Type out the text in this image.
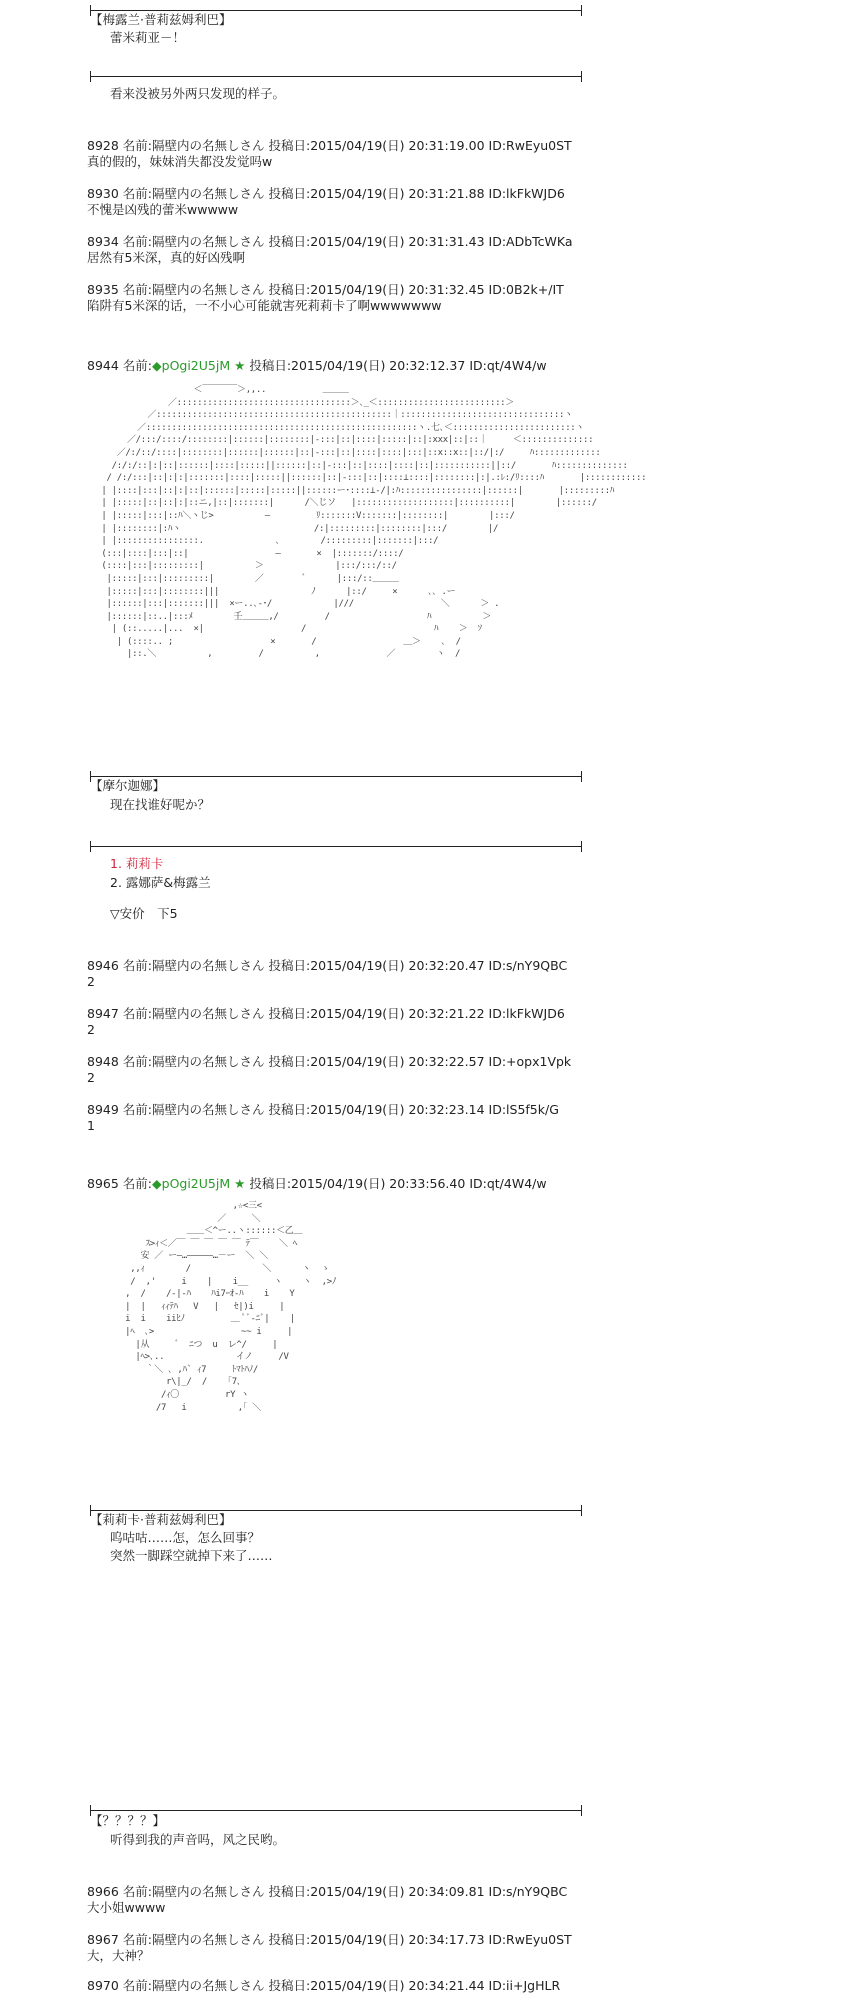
【梅露兰·普莉兹姆利巴】
蕾米莉亚－！
看来没被另外两只发现的样子。
8928 名前:隔壁内の名無しさん 投稿日:2015/04/19(日) 20:31:19.00 ID:RwEyu0ST
真的假的，妹妹消失都没发觉吗w
8930 名前:隔壁内の名無しさん 投稿日:2015/04/19(日) 20:31:21.88 ID:lkFkWJD6
不愧是凶残的蕾米wwwww
8934 名前:隔壁内の名無しさん 投稿日:2015/04/19(日) 20:31:31.43 ID:ADbTcWKa
居然有5米深，真的好凶残啊
8935 名前:隔壁内の名無しさん 投稿日:2015/04/19(日) 20:31:32.45 ID:0B2k+/IT
陷阱有5米深的话，一不小心可能就害死莉莉卡了啊wwwwwww
8944 名前:◆pOgi2U5jM ★ 投稿日:2015/04/19(日) 20:32:12.37 ID:qt/4W4/w
＜￣￣￣￣＞,,..           ＿＿＿
／::::::::::::::::::::::::::::::::::＞､_＜:::::::::::::::::::::::::＞
／::::::::::::::::::::::::::::::::::::::::::::::｜::::::::::::::::::::::::::::::::ヽ
／:::::::::::::::::::::::::::::::::::::::::::::::::::::ヽ.七､＜::::::::::::::::::::::::ヽ
／/:::/::::/::::::::|::::::|::::::::|-:::|::|::::|:::::|::|:xxx|::|::｜     ＜::::::::::::::
／/:/::/::::|::::::::|::::::|::::::|::|-:::|::|::::|::::|:::|::x::x::|::/|:/     ﾊ:::::::::::::
/:/:/::|:|::|::::::|::::|:::::||::::::|::|-:::|::|::::|::::|::|:::::::::::||::/       ﾊ::::::::::::::
/ /:/:::|::|:|:|:::::::|::::|:::::||::::::|::|-:::|::|::::⊥::::|::::::::|:|.:ﾚ:/ﾘ::::ﾊ       |::::::::::::
| |::::|:::|::|:|::|::::::|:::::|:::::||::::::ー･::::⊥-/|:ﾊ::::::::::::::::|::::::|       |:::::::::ﾊ
| |:::::|::|::|:|::ニ,|::|:::::::|      /＼じソ   |:::::::::::::::::::|::::::::::|        |::::::/
| |:::::|:::|::ﾊ＼ヽじ>          ―         ﾘ:::::::V:::::::|::::::::|        |:::/
| |::::::::|:ﾊヽ                          /:|:::::::::|::::::::|:::/        |/
| |::::::::::::::::.              ､        /:::::::::|:::::::|:::/
(:::|::::|:::|::|                 ―       ×  |:::::::/::::/
(::::|:::|:::::::::|          ＞              |:::/:::/::/
|:::::|:::|:::::::::|        ／        ﾞ      |:::/::＿＿＿
|:::::|:::|::::::::|||                  ﾉ      |::/     ×      ､､ .ー
|::::::|:::|:::::::|||  ×ー..､-･/            |///                 ＼      ＞ .
|::::::|::..|:::ﾒ        壬＿＿＿,/         /                   ﾊ          ＞
| (::.....|...  ×|                   /                         ﾊ    ＞  ｿ
| (::::.. ;                   ×       /                 ＿＞    ､  /
|::.＼          ,         /          ,             ／        ヽ  /
【摩尔迦娜】
现在找谁好呢か？
1. 莉莉卡
2. 露娜萨&梅露兰
▽安价　下5
8946 名前:隔壁内の名無しさん 投稿日:2015/04/19(日) 20:32:20.47 ID:s/nY9QBC
2
8947 名前:隔壁内の名無しさん 投稿日:2015/04/19(日) 20:32:21.22 ID:lkFkWJD6
2
8948 名前:隔壁内の名無しさん 投稿日:2015/04/19(日) 20:32:22.57 ID:+opx1Vpk
2
8949 名前:隔壁内の名無しさん 投稿日:2015/04/19(日) 20:32:23.14 ID:lS5f5k/G
1
8965 名前:◆pOgi2U5jM ★ 投稿日:2015/04/19(日) 20:33:56.40 ID:qt/4W4/w
,☆<三<
／     ＼
＿＿＜^ー..ヽ::::::＜乙＿
ｽ>ｨ＜／￣ ￣ ￣ ￣ ￣ ﾃ￣    ＼ ﾍ
安 ／ ー―…―――――…－ー  ＼ ＼
,,ｨ        /              ＼      ヽ  ゝ
/  ,'     i    |    i__     ヽ    ヽ  ,>ﾉ
,  /    /-|-ﾊ    ﾊi7ｰｵ-ﾊ    i    Y
|  |   ｨｨﾃﾊ   V   |   ｾ|)i     |
i  i    iiﾋﾉ         ＿ ﾟﾞ-ﾆﾞ|    |
|ﾍ  ､>                 ~~ i     |
|从     ﾞ  ﾆつ  u  レ^/     |
|ﾍ>､..              イノ     /V
｀＼ ､ ,ﾊ` ｨ7     ﾄﾏﾄﾊﾉ/
r\|_/  /    ｢7､
/ｨ〇         rY ヽ
/7   i          ,｢ ＼
【莉莉卡·普莉兹姆利巴】
呜咕咕……怎，怎么回事？
突然一脚踩空就掉下来了……
【？？？？】
听得到我的声音吗，风之民哟。
8966 名前:隔壁内の名無しさん 投稿日:2015/04/19(日) 20:34:09.81 ID:s/nY9QBC
大小姐wwww
8967 名前:隔壁内の名無しさん 投稿日:2015/04/19(日) 20:34:17.73 ID:RwEyu0ST
大，大神？
8970 名前:隔壁内の名無しさん 投稿日:2015/04/19(日) 20:34:21.44 ID:ii+JgHLR
